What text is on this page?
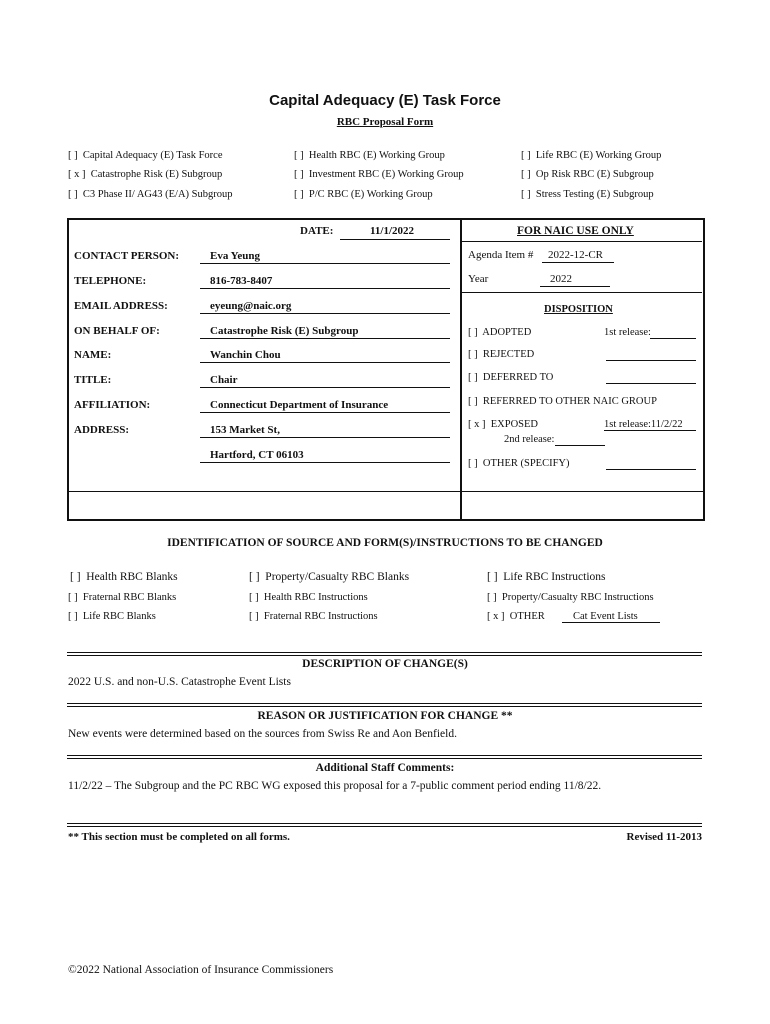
Capital Adequacy (E) Task Force
RBC Proposal Form
[ ] Capital Adequacy (E) Task Force	[ ] Health RBC (E) Working Group	[ ] Life RBC (E) Working Group
[ x ] Catastrophe Risk (E) Subgroup	[ ] Investment RBC (E) Working Group	[ ] Op Risk RBC (E) Subgroup
[ ] C3 Phase II/ AG43 (E/A) Subgroup	[ ] P/C RBC (E) Working Group	[ ] Stress Testing (E) Subgroup
DATE:	11/1/2022
CONTACT PERSON:	Eva Yeung
TELEPHONE:	816-783-8407
EMAIL ADDRESS:	eyeung@naic.org
ON BEHALF OF:	Catastrophe Risk (E) Subgroup
NAME:	Wanchin Chou
TITLE:	Chair
AFFILIATION:	Connecticut Department of Insurance
ADDRESS:	153 Market St,
Hartford, CT 06103
FOR NAIC USE ONLY
Agenda Item # 2022-12-CR
Year	2022
DISPOSITION
[ ] ADOPTED	1st release:
[ ] REJECTED
[ ] DEFERRED TO
[ ] REFERRED TO OTHER NAIC GROUP
[ x ] EXPOSED	1st release:11/2/22
2nd release:
[ ] OTHER (SPECIFY)
IDENTIFICATION OF SOURCE AND FORM(S)/INSTRUCTIONS TO BE CHANGED
[ ] Health RBC Blanks	[ ] Property/Casualty RBC Blanks	[ ] Life RBC Instructions
[ ] Fraternal RBC Blanks	[ ] Health RBC Instructions	[ ] Property/Casualty RBC Instructions
[ ] Life RBC Blanks	[ ] Fraternal RBC Instructions	[ x ] OTHER	Cat Event Lists
DESCRIPTION OF CHANGE(S)
2022 U.S. and non-U.S. Catastrophe Event Lists
REASON OR JUSTIFICATION FOR CHANGE **
New events were determined based on the sources from Swiss Re and Aon Benfield.
Additional Staff Comments:
11/2/22 – The Subgroup and the PC RBC WG exposed this proposal for a 7-public comment period ending 11/8/22.
** This section must be completed on all forms.	Revised 11-2013
©2022 National Association of Insurance Commissioners
